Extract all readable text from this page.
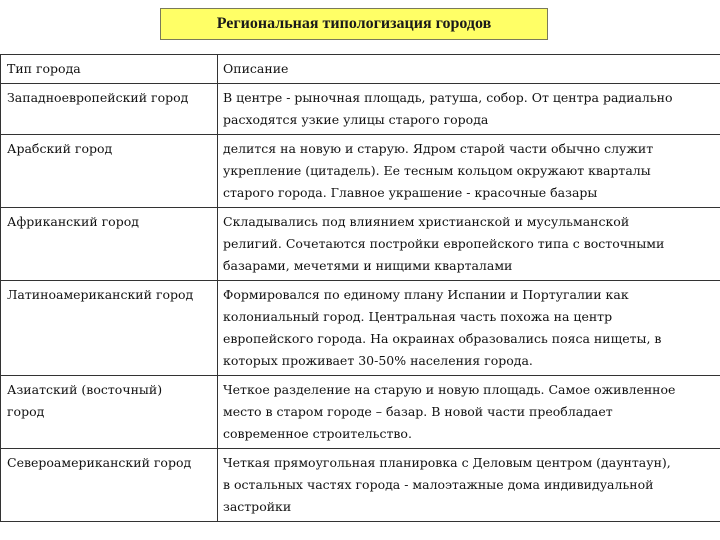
Региональная типологизация городов
Тип города	Описание

Западноевропейский город	В центре - рыночная площадь, ратуша, собор. От центра радиально
расходятся узкие улицы старого города

Арабский город	делится на новую и старую. Ядром старой части обычно служит
укрепление (цитадель). Ее тесным кольцом окружают кварталы
старого города. Главное украшение - красочные базары

Африканский город	Складывались под влиянием христианской и мусульманской
религий. Сочетаются постройки европейского типа с восточными
базарами, мечетями и нищими кварталами

Латиноамериканский город	Формировался по единому плану Испании и Португалии как
колониальный город. Центральная часть похожа на центр
европейского города. На окраинах образовались пояса нищеты, в
которых проживает 30-50% населения города.

Азиатский (восточный)
город	Четкое разделение на старую и новую площадь. Самое оживленное
место в старом городе – базар. В новой части преобладает
современное строительство.

Североамериканский город	Четкая прямоугольная планировка с Деловым центром (даунтаун),
в остальных частях города - малоэтажные дома индивидуальной
застройки
